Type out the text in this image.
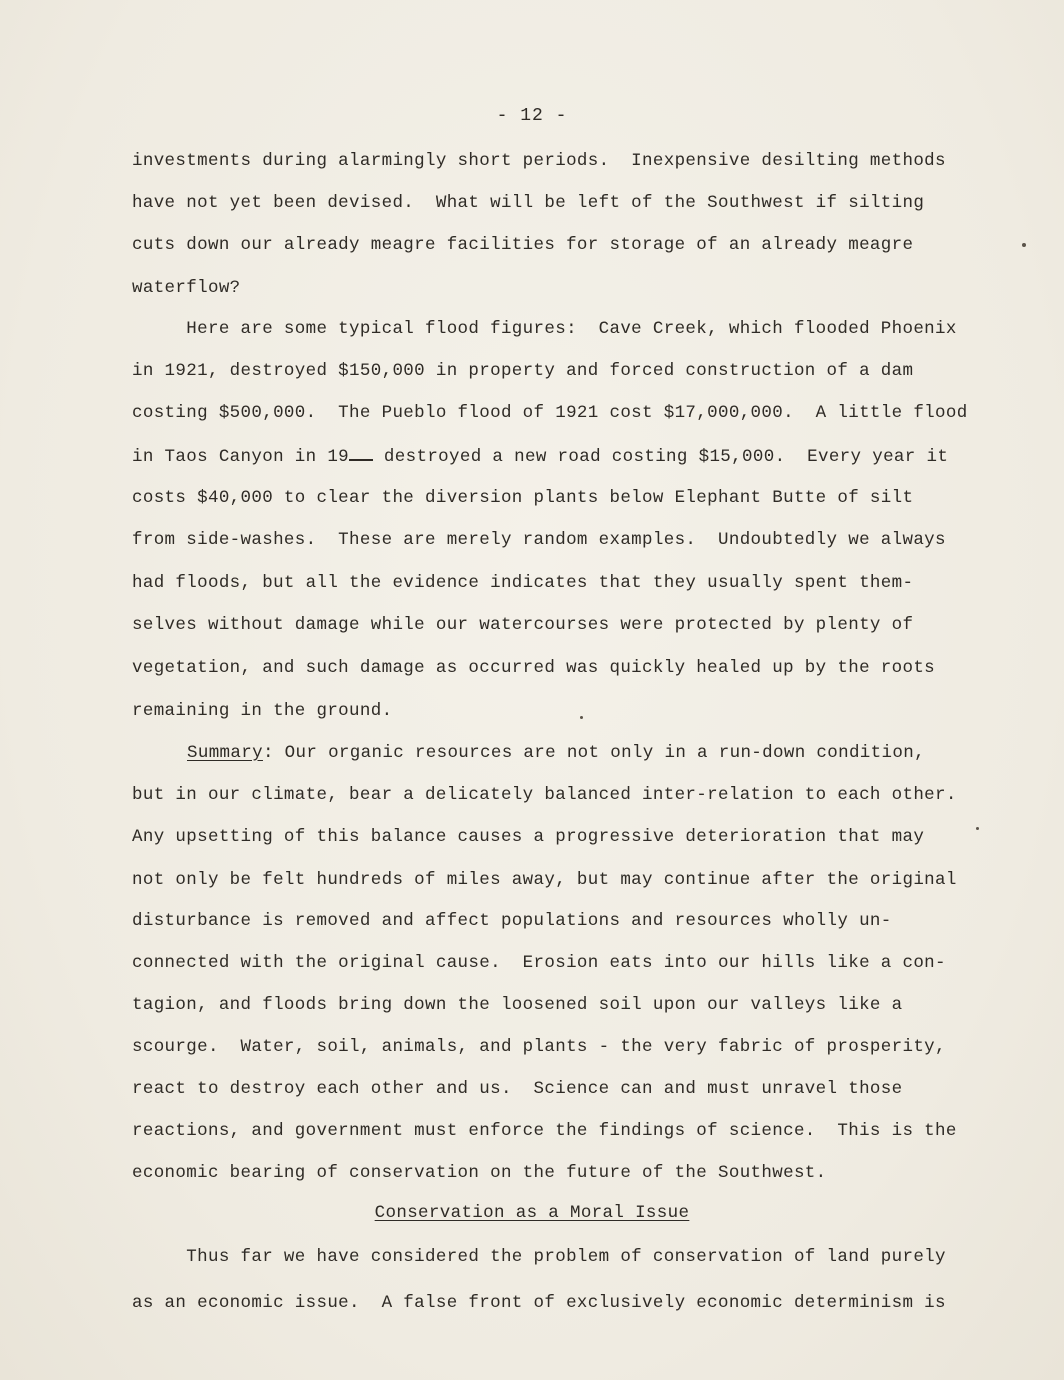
- 12 -
investments during alarmingly short periods.  Inexpensive desilting methods
have not yet been devised.  What will be left of the Southwest if silting
cuts down our already meagre facilities for storage of an already meagre
waterflow?
Here are some typical flood figures:  Cave Creek, which flooded Phoenix
in 1921, destroyed $150,000 in property and forced construction of a dam
costing $500,000.  The Pueblo flood of 1921 cost $17,000,000.  A little flood
in Taos Canyon in 19 destroyed a new road costing $15,000.  Every year it
costs $40,000 to clear the diversion plants below Elephant Butte of silt
from side-washes.  These are merely random examples.  Undoubtedly we always
had floods, but all the evidence indicates that they usually spent them-
selves without damage while our watercourses were protected by plenty of
vegetation, and such damage as occurred was quickly healed up by the roots
remaining in the ground.
Summary: Our organic resources are not only in a run-down condition,
but in our climate, bear a delicately balanced inter-relation to each other.
Any upsetting of this balance causes a progressive deterioration that may
not only be felt hundreds of miles away, but may continue after the original
disturbance is removed and affect populations and resources wholly un-
connected with the original cause.  Erosion eats into our hills like a con-
tagion, and floods bring down the loosened soil upon our valleys like a
scourge.  Water, soil, animals, and plants - the very fabric of prosperity,
react to destroy each other and us.  Science can and must unravel those
reactions, and government must enforce the findings of science.  This is the
economic bearing of conservation on the future of the Southwest.
Conservation as a Moral Issue
Thus far we have considered the problem of conservation of land purely
as an economic issue.  A false front of exclusively economic determinism is
